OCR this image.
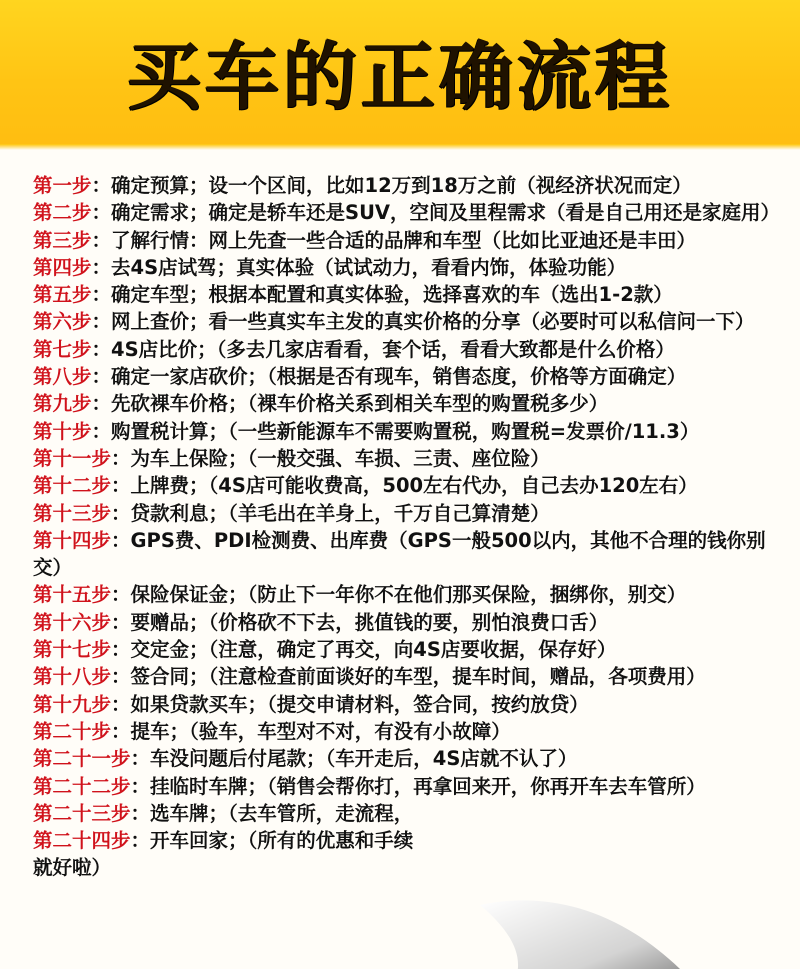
买车的正确流程

第一步：确定预算；设一个区间，比如12万到18万之前（视经济状况而定）

第二步：确定需求；确定是轿车还是SUV，空间及里程需求（看是自己用还是家庭用）

第三步：了解行情：网上先查一些合适的品牌和车型（比如比亚迪还是丰田）

第四步：去4S店试驾；真实体验（试试动力，看看内饰，体验功能）

第五步：确定车型；根据本配置和真实体验，选择喜欢的车（选出1-2款）

第六步：网上查价；看一些真实车主发的真实价格的分享（必要时可以私信问一下）

第七步：4S店比价；（多去几家店看看，套个话，看看大致都是什么价格）

第八步：确定一家店砍价；（根据是否有现车，销售态度，价格等方面确定）

第九步：先砍裸车价格；（裸车价格关系到相关车型的购置税多少）

第十步：购置税计算；（一些新能源车不需要购置税，购置税=发票价/11.3）

第十一步：为车上保险；（一般交强、车损、三责、座位险）

第十二步：上牌费；（4S店可能收费高，500左右代办，自己去办120左右）

第十三步：贷款利息；（羊毛出在羊身上，千万自己算清楚）

第十四步：GPS费、PDI检测费、出库费（GPS一般500以内，其他不合理的钱你别交）

第十五步：保险保证金；（防止下一年你不在他们那买保险，捆绑你，别交）

第十六步：要赠品；（价格砍不下去，挑值钱的要，别怕浪费口舌）

第十七步：交定金；（注意，确定了再交，向4S店要收据，保存好）

第十八步：签合同；（注意检查前面谈好的车型，提车时间，赠品，各项费用）

第十九步：如果贷款买车；（提交申请材料，签合同，按约放贷）

第二十步：提车；（验车，车型对不对，有没有小故障）

第二十一步：车没问题后付尾款；（车开走后，4S店就不认了）

第二十二步：挂临时车牌；（销售会帮你打，再拿回来开，你再开车去车管所）

第二十三步：选车牌；（去车管所，走流程，

第二十四步：开车回家；（所有的优惠和手续

就好啦）
